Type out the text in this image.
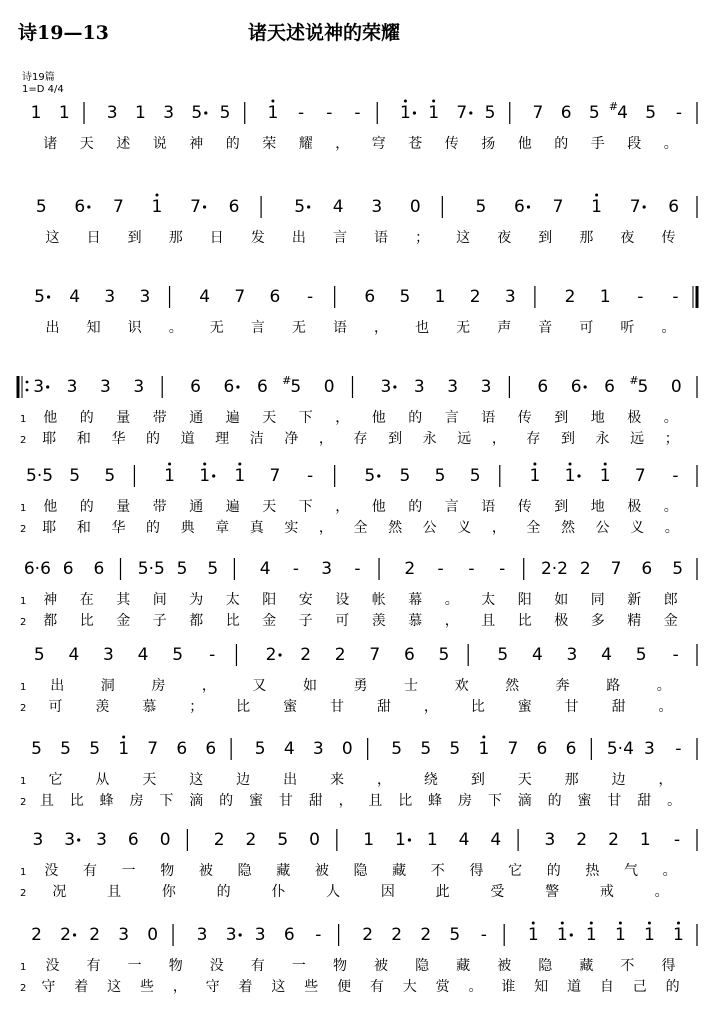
诗19—13	诸天述说神的荣耀
诗19篇
1=D 4/4
1 1 3 1 3 5 5 1 - - - 1 1 7 5 7 6 5 4
# 5 -
诸 天 述 说 神 的 荣 耀 ， 穹 苍 传 扬 他 的 手 段 。
5 6 7 1 7 6	5 4 3 0	5 6 7 1 7 6
这 日 到 那 日 发 出 言 语 ； 这 夜 到 那 夜 传
5 4 3 3	4 7 6 -	6 5 1 2 3	2 1 - -
出 知 识 。 无 言 无 语 ， 也 无 声 音 可 听 。
3 3 3 3	6 6 6 5
# 0	3 3 3 3	6 6 6 5
# 0
1 他 的 量 带 通 遍 天 下 ， 他 的 言 语 传 到 地 极 。
2 耶 和 华 的 道 理 洁 净 ， 存 到 永 远 ， 存 到 永 远 ；
5·5 5 5	1 1 1 7 -	5 5 5 5	1 1 1 7 -
1 他 的 量 带 通 遍 天 下 ， 他 的 言 语 传 到 地 极 。
2 耶 和 华 的 典 章 真 实 ， 全 然 公 义 ， 全 然 公 义 。
6·6 6 6 5·5 5 5 4 - 3 -	2 - - - 2·2 2 7 6 5
1 神 在 其 间 为 太 阳 安 设 帐 幕 。 太 阳 如 同 新 郎
2 都 比 金 子 都 比 金 子 可 羡 慕 ， 且 比 极 多 精 金
5 4 3 4 5 -	2 2 2 7 6 5	5 4 3 4 5 -
1 出	洞	房	，	又	如	勇	士	欢	然	奔	路	。
2 可 羡 慕 ； 比 蜜 甘 甜 ， 比 蜜 甘 甜 。
5 5 5 1 7 6 6 5 4 3 0 5 5 5 1 7 6 6 5·4 3 -
1 它 从 天 这 边 出 来 ， 绕 到 天 那 边 ，
2 且 比 蜂 房 下 滴 的 蜜 甘 甜 ， 且 比 蜂 房 下 滴 的 蜜 甘 甜 。
3 3 3 6 0	2 2 5 0	1 1 1 4 4	3 2 2 1 -
1 没 有 一 物 被 隐 藏 被 隐 藏 不 得 它 的 热 气 。
2 况	且	你	的	仆	人	因	此	受	警	戒	。
2 2 2 3 0 3 3 3 6 - 2 2 2 5 - 1 1 1 1 1 1
1 没 有 一 物 没 有 一 物 被 隐 藏 被 隐 藏 不 得
2 守 着 这 些 ， 守 着 这 些 便 有 大 赏 。 谁 知 道 自 己 的
